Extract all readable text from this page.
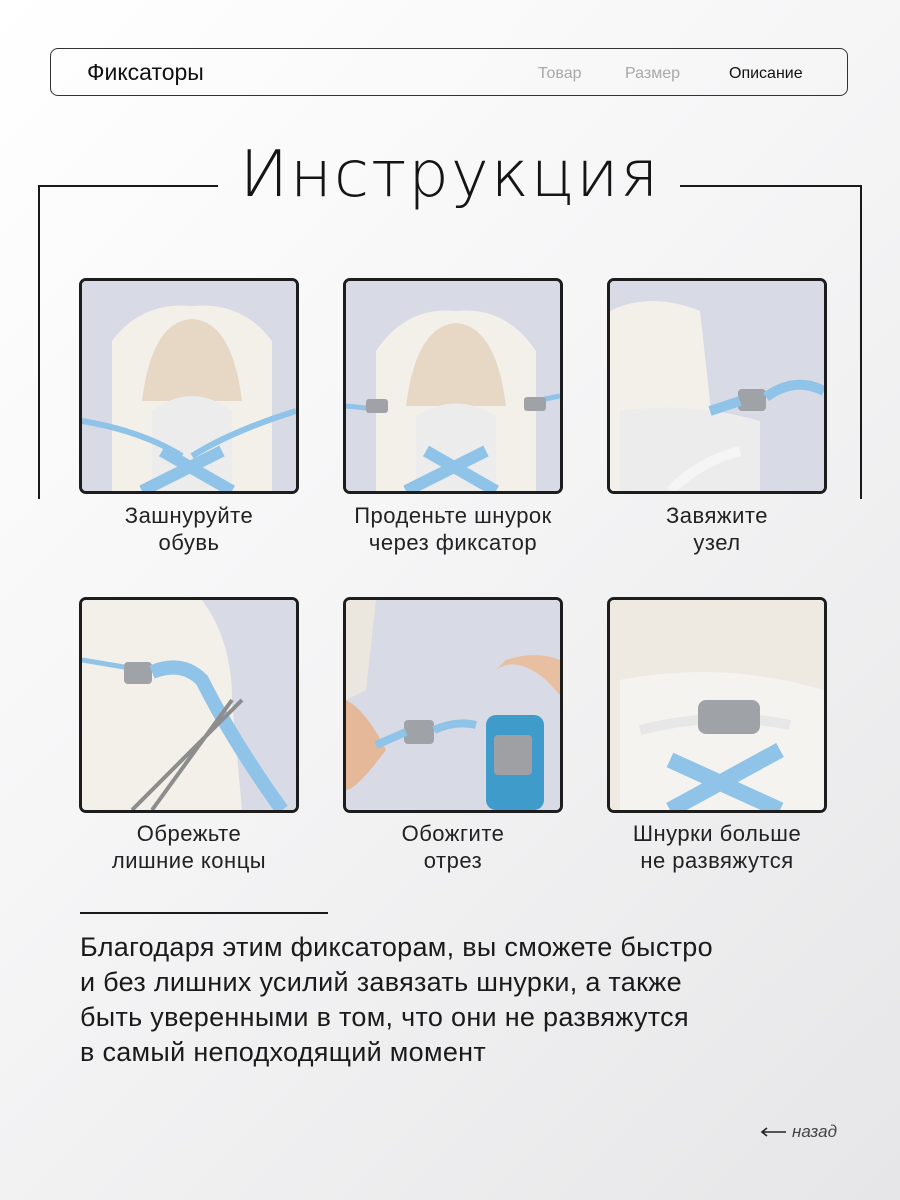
Фиксаторы	Товар	Размер	Описание
Инструкция
Зашнуруйте
обувь
Проденьте шнурок
через фиксатор
Завяжите
узел
Обрежьте
лишние концы
Обожгите
отрез
Шнурки больше
не развяжутся
Благодаря этим фиксаторам, вы сможете быстро
и без лишних усилий завязать шнурки, а также
быть уверенными в том, что они не развяжутся
в самый неподходящий момент
назад
